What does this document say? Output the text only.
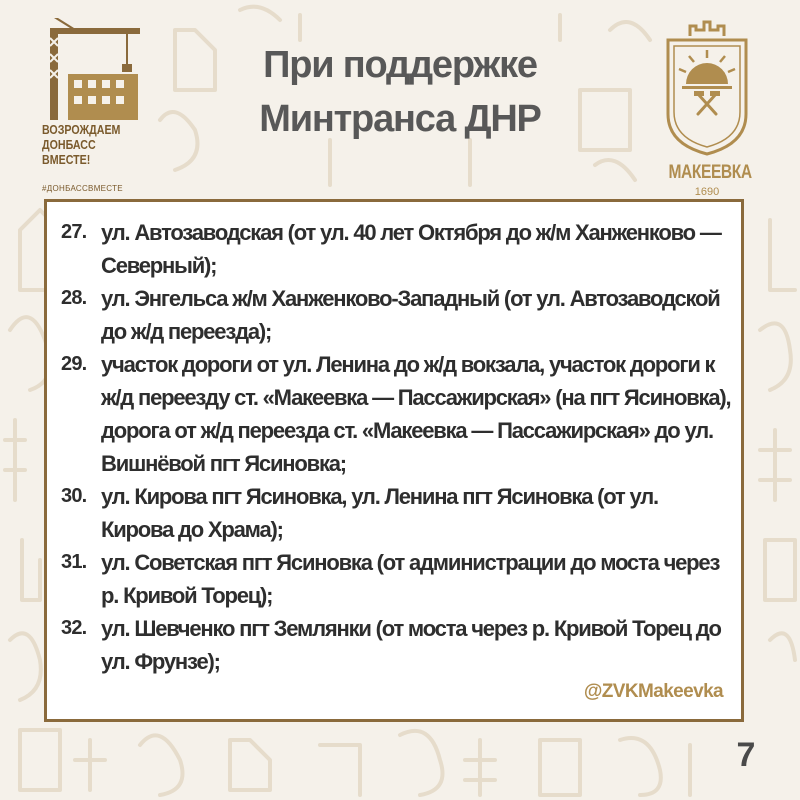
ВОЗРОЖДАЕМ
ДОНБАСС
ВМЕСТЕ!
#ДОНБАССВМЕСТЕ
При поддержке
Минтранса ДНР
МАКЕЕВКА
1690
27. ул. Автозаводская (от ул. 40 лет Октября до ж/м Ханженково — Северный);
28. ул. Энгельса ж/м Ханженково-Западный (от ул. Автозаводской до ж/д переезда);
29. участок дороги от ул. Ленина до ж/д вокзала, участок дороги к ж/д переезду ст. «Макеевка — Пассажирская» (на пгт Ясиновка), дорога от ж/д переезда ст. «Макеевка — Пассажирская» до ул. Вишнёвой пгт Ясиновка;
30. ул. Кирова пгт Ясиновка, ул. Ленина пгт Ясиновка (от ул. Кирова до Храма);
31. ул. Советская пгт Ясиновка (от администрации до моста через р. Кривой Торец);
32. ул. Шевченко пгт Землянки (от моста через р. Кривой Торец до ул. Фрунзе);
@ZVKMakeevka
7
